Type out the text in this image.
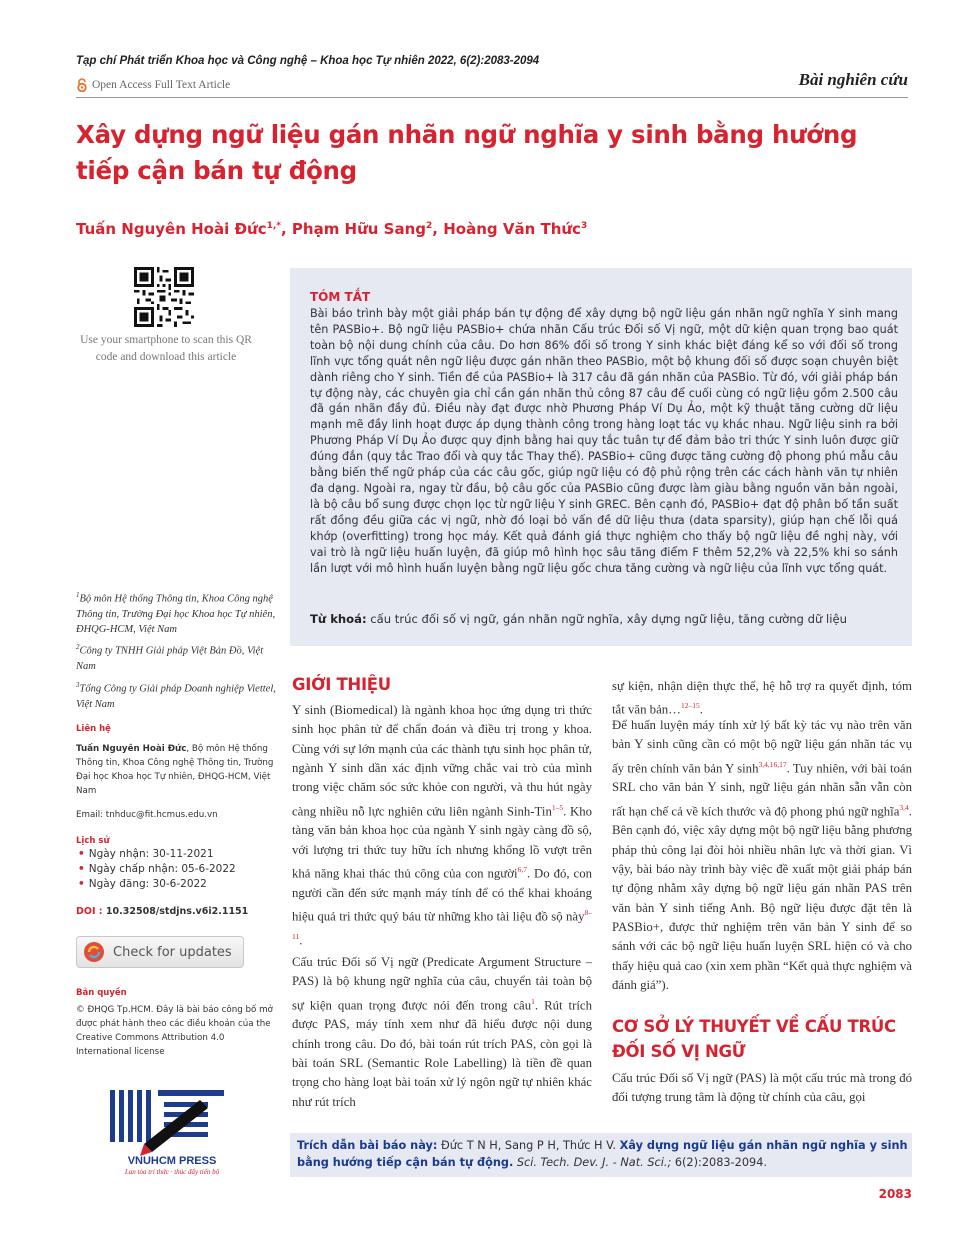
Tạp chí Phát triển Khoa học và Công nghệ – Khoa học Tự nhiên 2022, 6(2):2083-2094
Open Access Full Text Article	Bài nghiên cứu
Xây dựng ngữ liệu gán nhãn ngữ nghĩa y sinh bằng hướng tiếp cận bán tự động
Tuấn Nguyên Hoài Đức$^{1,*}$, Phạm Hữu Sang$^2$, Hoàng Văn Thức$^3$
Use your smartphone to scan this QR code and download this article
TÓM TẮT
Bài báo trình bày một giải pháp bán tự động để xây dựng bộ ngữ liệu gán nhãn ngữ nghĩa Y sinh mang tên PASBio+. Bộ ngữ liệu PASBio+ chứa nhãn Cấu trúc Đối số Vị ngữ, một dữ kiện quan trọng bao quát toàn bộ nội dung chính của câu. Do hơn 86% đối số trong Y sinh khác biệt đáng kể so với đối số trong lĩnh vực tổng quát nên ngữ liệu được gán nhãn theo PASBio, một bộ khung đối số được soạn chuyên biệt dành riêng cho Y sinh. Tiền đề của PASBio+ là 317 câu đã gán nhãn của PASBio. Từ đó, với giải pháp bán tự động này, các chuyên gia chỉ cần gán nhãn thủ công 87 câu để cuối cùng có ngữ liệu gồm 2.500 câu đã gán nhãn đầy đủ. Điều này đạt được nhờ Phương Pháp Ví Dụ Ảo, một kỹ thuật tăng cường dữ liệu mạnh mẽ đầy linh hoạt được áp dụng thành công trong hàng loạt tác vụ khác nhau. Ngữ liệu sinh ra bởi Phương Pháp Ví Dụ Ảo được quy định bằng hai quy tắc tuân tự để đảm bảo tri thức Y sinh luôn được giữ đúng đắn (quy tắc Trao đổi và quy tắc Thay thế). PASBio+ cũng được tăng cường độ phong phú mẫu câu bằng biến thể ngữ pháp của các câu gốc, giúp ngữ liệu có độ phủ rộng trên các cách hành văn tự nhiên đa dạng. Ngoài ra, ngay từ đầu, bộ câu gốc của PASBio cũng được làm giàu bằng nguồn văn bản ngoài, là bộ câu bổ sung được chọn lọc từ ngữ liệu Y sinh GREC. Bên cạnh đó, PASBio+ đạt độ phân bố tần suất rất đồng đều giữa các vị ngữ, nhờ đó loại bỏ vấn đề dữ liệu thưa (data sparsity), giúp hạn chế lỗi quá khớp (overfitting) trong học máy. Kết quả đánh giá thực nghiệm cho thấy bộ ngữ liệu đề nghị này, với vai trò là ngữ liệu huấn luyện, đã giúp mô hình học sâu tăng điểm F thêm 52,2% và 22,5% khi so sánh lần lượt với mô hình huấn luyện bằng ngữ liệu gốc chưa tăng cường và ngữ liệu của lĩnh vực tổng quát.
Từ khoá: cấu trúc đối số vị ngữ, gán nhãn ngữ nghĩa, xây dựng ngữ liệu, tăng cường dữ liệu
$^1$Bộ môn Hệ thống Thông tin, Khoa Công nghệ Thông tin, Trường Đại học Khoa học Tự nhiên, ĐHQG-HCM, Việt Nam
$^2$Công ty TNHH Giải pháp Việt Bản Đồ, Việt Nam
$^3$Tổng Công ty Giải pháp Doanh nghiệp Viettel, Việt Nam
Liên hệ
Tuấn Nguyên Hoài Đức, Bộ môn Hệ thống Thông tin, Khoa Công nghệ Thông tin, Trường Đại học Khoa học Tự nhiên, ĐHQG-HCM, Việt Nam
Email: tnhduc@fit.hcmus.edu.vn
Lịch sử
• Ngày nhận: 30-11-2021
• Ngày chấp nhận: 05-6-2022
• Ngày đăng: 30-6-2022
DOI : 10.32508/stdjns.v6i2.1151
Check for updates
Bản quyền
© ĐHQG Tp.HCM. Đây là bài báo công bố mở được phát hành theo các điều khoản của the Creative Commons Attribution 4.0 International license
VNUHCM PRESS
Lan tỏa tri thức · thúc đẩy tiến bộ
GIỚI THIỆU
Y sinh (Biomedical) là ngành khoa học ứng dụng tri thức sinh học phân tử để chẩn đoán và điều trị trong y khoa. Cùng với sự lớn mạnh của các thành tựu sinh học phân tử, ngành Y sinh dần xác định vững chắc vai trò của mình trong việc chăm sóc sức khỏe con người, và thu hút ngày càng nhiều nỗ lực nghiên cứu liên ngành Sinh-Tin$^{1-5}$. Kho tàng văn bản khoa học của ngành Y sinh ngày càng đồ sộ, với lượng tri thức tuy hữu ích nhưng khổng lồ vượt trên khả năng khai thác thủ công của con người$^{6,7}$. Do đó, con người cần đến sức mạnh máy tính để có thể khai khoáng hiệu quả tri thức quý báu từ những kho tài liệu đồ sộ này$^{8-11}$.
Cấu trúc Đối số Vị ngữ (Predicate Argument Structure – PAS) là bộ khung ngữ nghĩa của câu, chuyển tải toàn bộ sự kiện quan trọng được nói đến trong câu$^1$. Rút trích được PAS, máy tính xem như đã hiểu được nội dung chính trong câu. Do đó, bài toán rút trích PAS, còn gọi là bài toán SRL (Semantic Role Labelling) là tiền đề quan trọng cho hàng loạt bài toán xử lý ngôn ngữ tự nhiên khác như rút trích
sự kiện, nhận diện thực thể, hệ hỗ trợ ra quyết định, tóm tắt văn bản…$^{12-15}$.
Để huấn luyện máy tính xử lý bất kỳ tác vụ nào trên văn bản Y sinh cũng cần có một bộ ngữ liệu gán nhãn tác vụ ấy trên chính văn bản Y $\sinh^{3,4,16,17}$. Tuy nhiên, với bài toán SRL cho văn bản Y sinh, ngữ liệu gán nhãn sẵn vẫn còn rất hạn chế cả về kích thước và độ phong phú ngữ nghĩa$^{3,4}$. Bên cạnh đó, việc xây dựng một bộ ngữ liệu bằng phương pháp thủ công lại đòi hỏi nhiều nhân lực và thời gian. Vì vậy, bài báo này trình bày việc đề xuất một giải pháp bán tự động nhằm xây dựng bộ ngữ liệu gán nhãn PAS trên văn bản Y sinh tiếng Anh. Bộ ngữ liệu được đặt tên là PASBio+, được thử nghiệm trên văn bản Y sinh để so sánh với các bộ ngữ liệu huấn luyện SRL hiện có và cho thấy hiệu quả cao (xin xem phần “Kết quả thực nghiệm và đánh giá”).
CƠ SỞ LÝ THUYẾT VỀ CẤU TRÚC ĐỐI SỐ VỊ NGỮ
Cấu trúc Đối số Vị ngữ (PAS) là một cấu trúc mà trong đó đối tượng trung tâm là động từ chính của câu, gọi
Trích dẫn bài báo này: Đức T N H, Sang P H, Thức H V. Xây dựng ngữ liệu gán nhãn ngữ nghĩa y sinh bằng hướng tiếp cận bán tự động. Sci. Tech. Dev. J. - Nat. Sci.; 6(2):2083-2094.
2083
